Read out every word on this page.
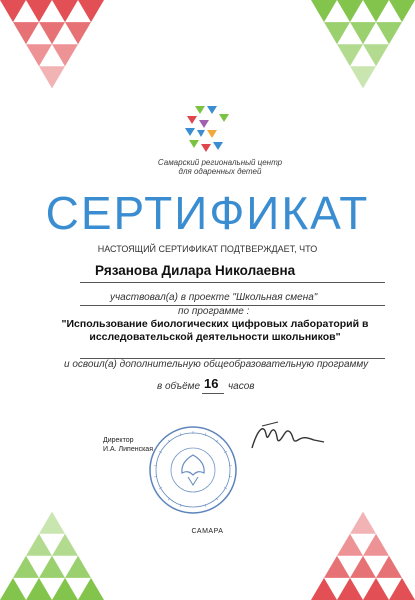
Самарский региональный центр
для одаренных детей
СЕРТИФИКАТ
НАСТОЯЩИЙ СЕРТИФИКАТ ПОДТВЕРЖДАЕТ, ЧТО
Рязанова Дилара Николаевна
участвовал(а) в проекте "Школьная смена"
по программе :
"Использование биологических цифровых лабораторий в исследовательской деятельности школьников"
и освоил(а) дополнительную общеобразовательную программу
в объёме 16 часов
Директор
И.А. Липенская
САМАРА
